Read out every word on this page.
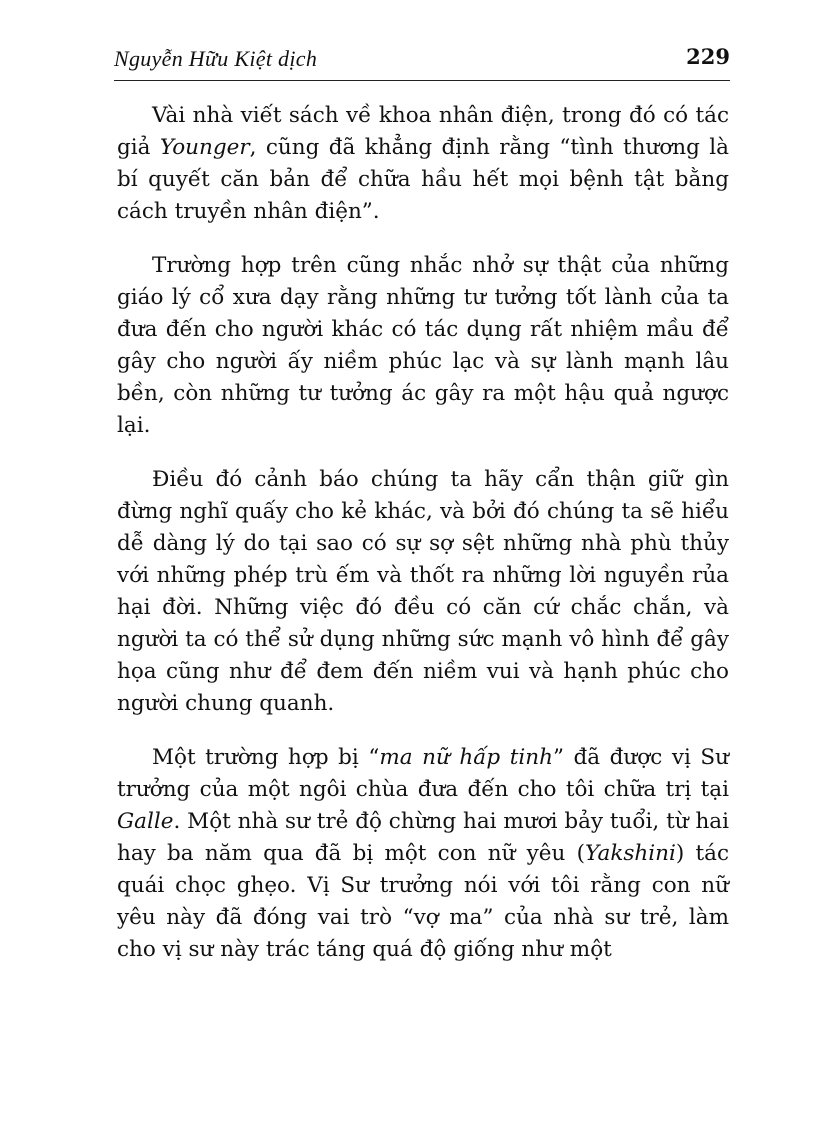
Nguyễn Hữu Kiệt dịch	229

Vài nhà viết sách về khoa nhân điện, trong đó có tác giả Younger, cũng đã khẳng định rằng “tình thương là bí quyết căn bản để chữa hầu hết mọi bệnh tật bằng cách truyền nhân điện”.

Trường hợp trên cũng nhắc nhở sự thật của những giáo lý cổ xưa dạy rằng những tư tưởng tốt lành của ta đưa đến cho người khác có tác dụng rất nhiệm mầu để gây cho người ấy niềm phúc lạc và sự lành mạnh lâu bền, còn những tư tưởng ác gây ra một hậu quả ngược lại.

Điều đó cảnh báo chúng ta hãy cẩn thận giữ gìn đừng nghĩ quấy cho kẻ khác, và bởi đó chúng ta sẽ hiểu dễ dàng lý do tại sao có sự sợ sệt những nhà phù thủy với những phép trù ếm và thốt ra những lời nguyền rủa hại đời. Những việc đó đều có căn cứ chắc chắn, và người ta có thể sử dụng những sức mạnh vô hình để gây họa cũng như để đem đến niềm vui và hạnh phúc cho người chung quanh.

Một trường hợp bị “ma nữ hấp tinh” đã được vị Sư trưởng của một ngôi chùa đưa đến cho tôi chữa trị tại Galle. Một nhà sư trẻ độ chừng hai mươi bảy tuổi, từ hai hay ba năm qua đã bị một con nữ yêu (Yakshini) tác quái chọc ghẹo. Vị Sư trưởng nói với tôi rằng con nữ yêu này đã đóng vai trò “vợ ma” của nhà sư trẻ, làm cho vị sư này trác táng quá độ giống như một
